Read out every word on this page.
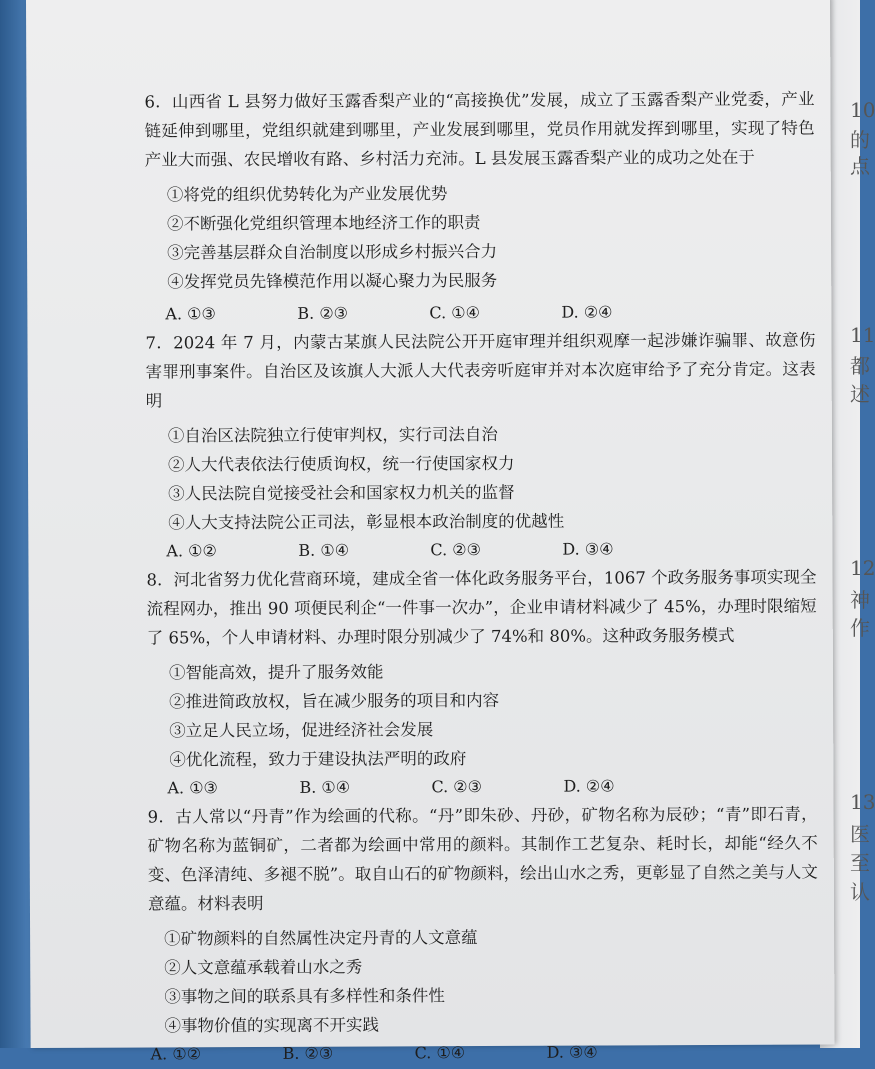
10
的
点
11
都
述
12
神
作
13
医
至
认
6．山西省 L 县努力做好玉露香梨产业的“高接换优”发展，成立了玉露香梨产业党委，产业链延伸到哪里，党组织就建到哪里，产业发展到哪里，党员作用就发挥到哪里，实现了特色产业大而强、农民增收有路、乡村活力充沛。L 县发展玉露香梨产业的成功之处在于
①将党的组织优势转化为产业发展优势
②不断强化党组织管理本地经济工作的职责
③完善基层群众自治制度以形成乡村振兴合力
④发挥党员先锋模范作用以凝心聚力为民服务
A. ①③	B. ②③	C. ①④	D. ②④
7．2024 年 7 月，内蒙古某旗人民法院公开开庭审理并组织观摩一起涉嫌诈骗罪、故意伤害罪刑事案件。自治区及该旗人大派人大代表旁听庭审并对本次庭审给予了充分肯定。这表明
①自治区法院独立行使审判权，实行司法自治
②人大代表依法行使质询权，统一行使国家权力
③人民法院自觉接受社会和国家权力机关的监督
④人大支持法院公正司法，彰显根本政治制度的优越性
A. ①②	B. ①④	C. ②③	D. ③④
8．河北省努力优化营商环境，建成全省一体化政务服务平台，1067 个政务服务事项实现全流程网办，推出 90 项便民利企“一件事一次办”，企业申请材料减少了 45%，办理时限缩短了 65%，个人申请材料、办理时限分别减少了 74%和 80%。这种政务服务模式
①智能高效，提升了服务效能
②推进简政放权，旨在减少服务的项目和内容
③立足人民立场，促进经济社会发展
④优化流程，致力于建设执法严明的政府
A. ①③	B. ①④	C. ②③	D. ②④
9．古人常以“丹青”作为绘画的代称。“丹”即朱砂、丹砂，矿物名称为辰砂；“青”即石青，矿物名称为蓝铜矿，二者都为绘画中常用的颜料。其制作工艺复杂、耗时长，却能“经久不变、色泽清纯、多褪不脱”。取自山石的矿物颜料，绘出山水之秀，更彰显了自然之美与人文意蕴。材料表明
①矿物颜料的自然属性决定丹青的人文意蕴
②人文意蕴承载着山水之秀
③事物之间的联系具有多样性和条件性
④事物价值的实现离不开实践
A. ①②	B. ②③	C. ①④	D. ③④
